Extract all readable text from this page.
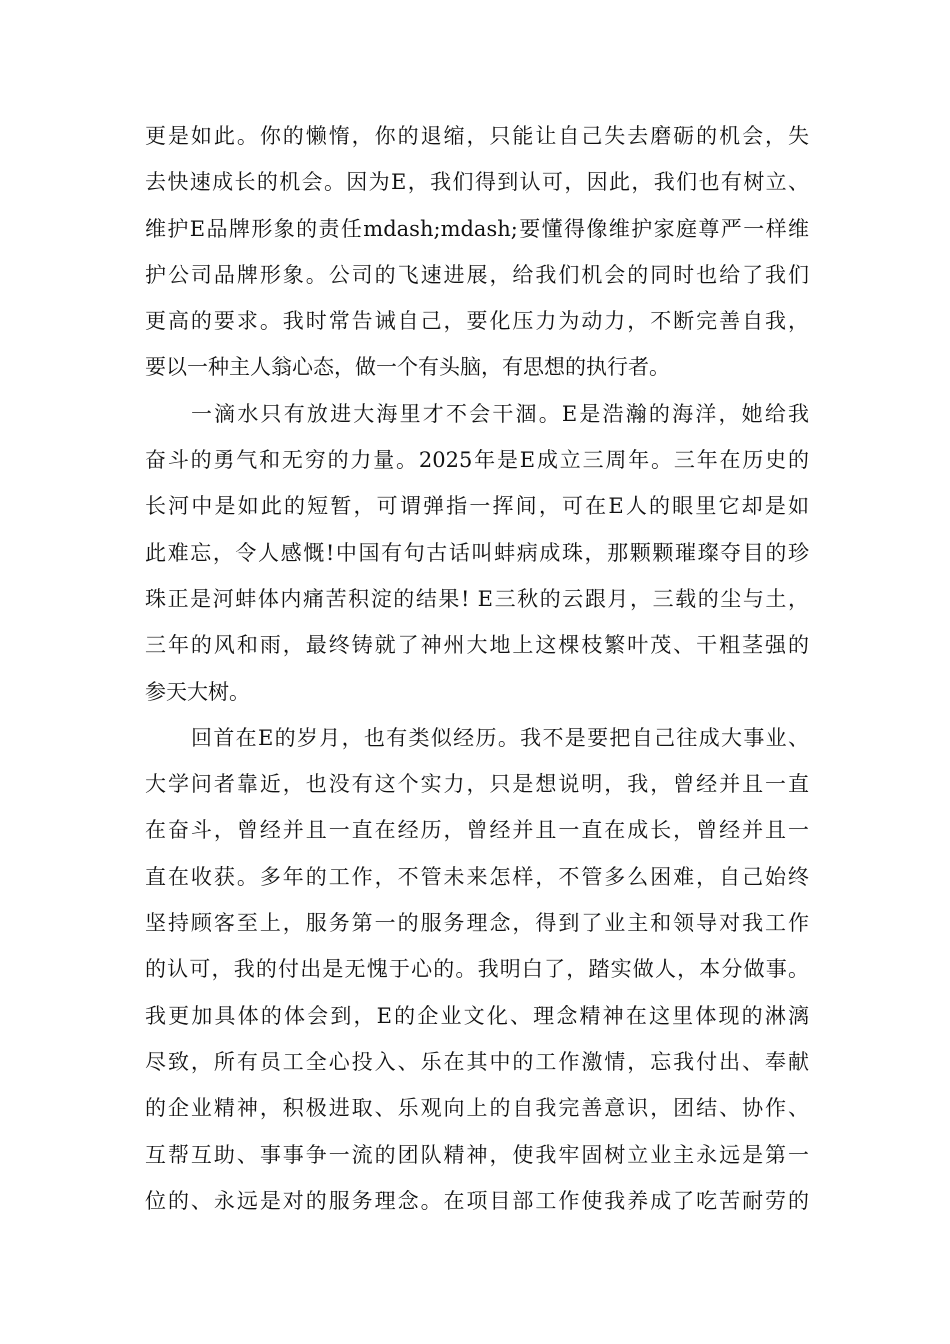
更是如此。你的懒惰，你的退缩，只能让自己失去磨砺的机会，失
去快速成长的机会。因为E，我们得到认可，因此，我们也有树立、
维护E品牌形象的责任mdash;mdash;要懂得像维护家庭尊严一样维
护公司品牌形象。公司的飞速进展，给我们机会的同时也给了我们
更高的要求。我时常告诫自己，要化压力为动力，不断完善自我，
要以一种主人翁心态，做一个有头脑，有思想的执行者。
一滴水只有放进大海里才不会干涸。E是浩瀚的海洋，她给我
奋斗的勇气和无穷的力量。2025年是E成立三周年。三年在历史的
长河中是如此的短暂，可谓弹指一挥间，可在E人的眼里它却是如
此难忘，令人感慨!中国有句古话叫蚌病成珠，那颗颗璀璨夺目的珍
珠正是河蚌体内痛苦积淀的结果! E三秋的云跟月，三载的尘与土，
三年的风和雨，最终铸就了神州大地上这棵枝繁叶茂、干粗茎强的
参天大树。
回首在E的岁月，也有类似经历。我不是要把自己往成大事业、
大学问者靠近，也没有这个实力，只是想说明，我，曾经并且一直
在奋斗，曾经并且一直在经历，曾经并且一直在成长，曾经并且一
直在收获。多年的工作，不管未来怎样，不管多么困难，自己始终
坚持顾客至上，服务第一的服务理念，得到了业主和领导对我工作
的认可，我的付出是无愧于心的。我明白了，踏实做人，本分做事。
我更加具体的体会到，E的企业文化、理念精神在这里体现的淋漓
尽致，所有员工全心投入、乐在其中的工作激情，忘我付出、奉献
的企业精神，积极进取、乐观向上的自我完善意识，团结、协作、
互帮互助、事事争一流的团队精神，使我牢固树立业主永远是第一
位的、永远是对的服务理念。在项目部工作使我养成了吃苦耐劳的
